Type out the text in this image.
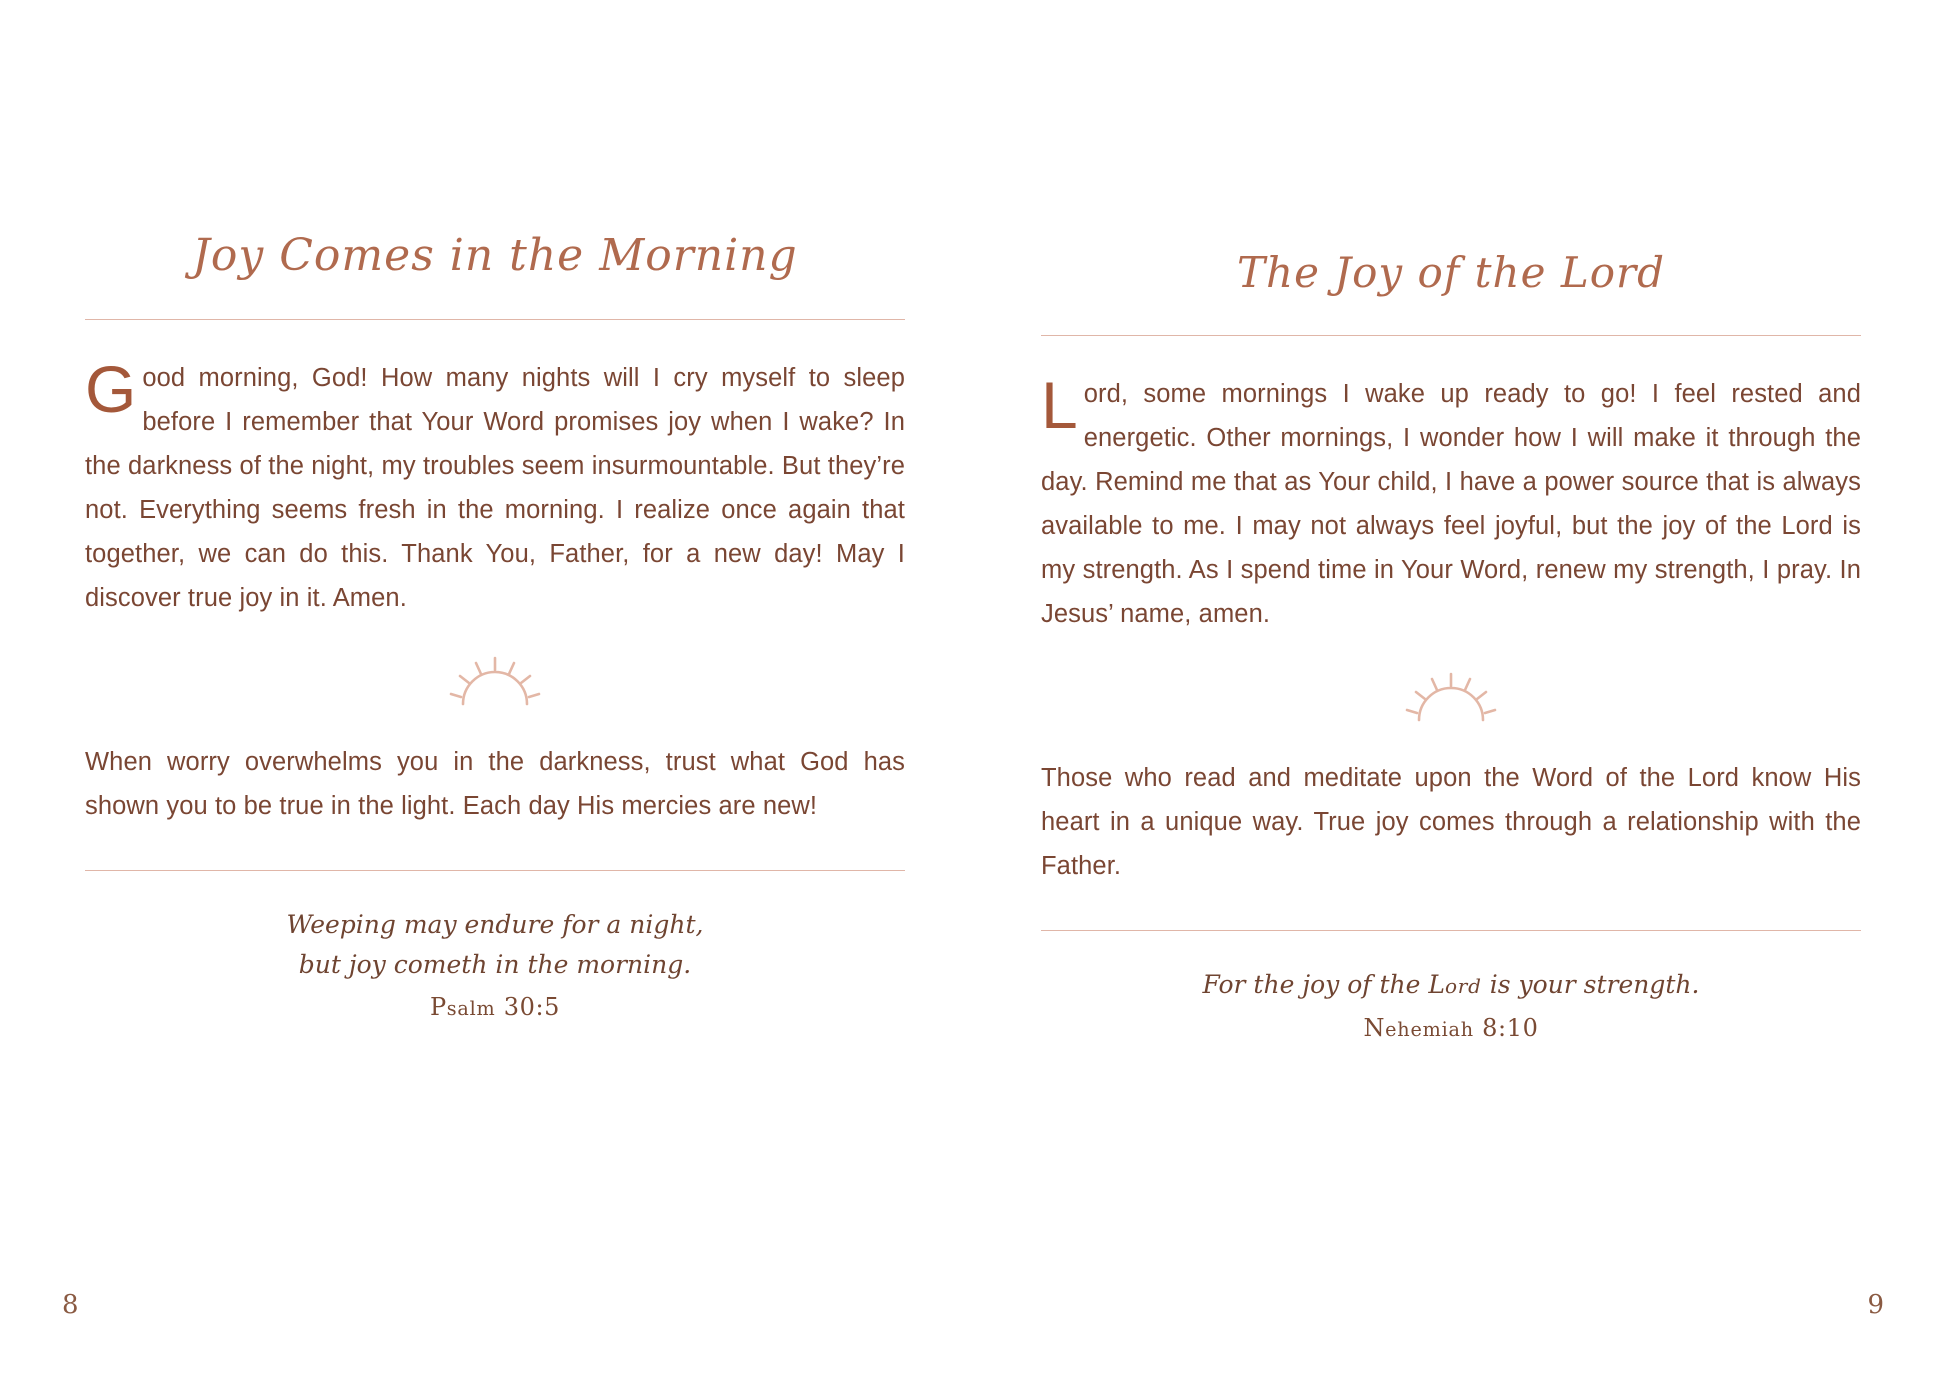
Joy Comes in the Morning
G ood morning, God! How many nights will I cry myself to sleep before I remember that Your Word promises joy when I wake? In the darkness of the night, my troubles seem insurmountable. But they’re not. Everything seems fresh in the morning. I realize once again that together, we can do this. Thank You, Father, for a new day! May I discover true joy in it. Amen.

When worry overwhelms you in the darkness, trust what God has shown you to be true in the light. Each day His mercies are new!

Weeping may endure for a night,
but joy cometh in the morning.
Psalm 30:5
8
The Joy of the Lord
L ord, some mornings I wake up ready to go! I feel rested and energetic. Other mornings, I wonder how I will make it through the day. Remind me that as Your child, I have a power source that is always available to me. I may not always feel joyful, but the joy of the Lord is my strength. As I spend time in Your Word, renew my strength, I pray. In Jesus’ name, amen.

Those who read and meditate upon the Word of the Lord know His heart in a unique way. True joy comes through a relationship with the Father.

For the joy of the Lord is your strength.
Nehemiah 8:10
9
